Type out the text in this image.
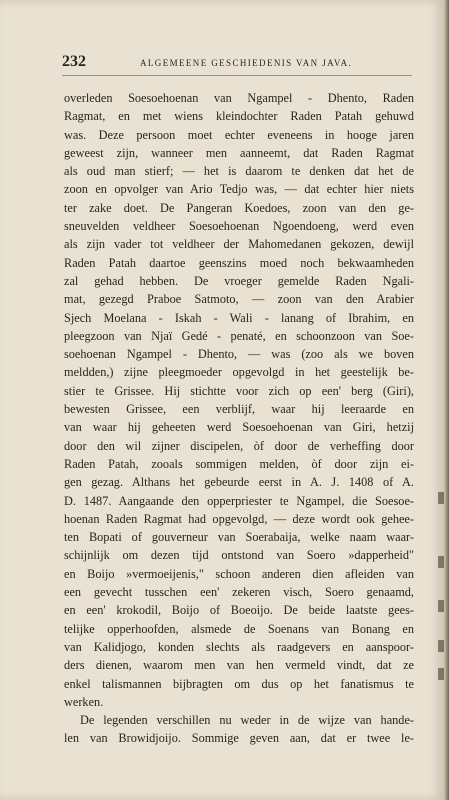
232	ALGEMEENE GESCHIEDENIS VAN JAVA.
overleden Soesoehoenan van Ngampel - Dhento, Raden
Ragmat, en met wiens kleindochter Raden Patah gehuwd
was. Deze persoon moet echter eveneens in hooge jaren
geweest zijn, wanneer men aanneemt, dat Raden Ragmat
als oud man stierf; — het is daarom te denken dat het de
zoon en opvolger van Ario Tedjo was, — dat echter hier niets
ter zake doet. De Pangeran Koedoes, zoon van den ge-
sneuvelden veldheer Soesoehoenan Ngoendoeng, werd even
als zijn vader tot veldheer der Mahomedanen gekozen, dewijl
Raden Patah daartoe geenszins moed noch bekwaamheden
zal gehad hebben. De vroeger gemelde Raden Ngali-
mat, gezegd Praboe Satmoto, — zoon van den Arabier
Sjech Moelana - Iskah - Wali - lanang of Ibrahim, en
pleegzoon van Njaï Gedé - penaté, en schoonzoon van Soe-
soehoenan Ngampel - Dhento, — was (zoo als we boven
meldden,) zijne pleegmoeder opgevolgd in het geestelijk be-
stier te Grissee. Hij stichtte voor zich op een' berg (Giri),
bewesten Grissee, een verblijf, waar hij leeraarde en
van waar hij geheeten werd Soesoehoenan van Giri, hetzij
door den wil zijner discipelen, òf door de verheffing door
Raden Patah, zooals sommigen melden, òf door zijn ei-
gen gezag. Althans het gebeurde eerst in A. J. 1408 of A.
D. 1487. Aangaande den opperpriester te Ngampel, die Soesoe-
hoenan Raden Ragmat had opgevolgd, — deze wordt ook gehee-
ten Bopati of gouverneur van Soerabaija, welke naam waar-
schijnlijk om dezen tijd ontstond van Soero »dapperheid"
en Boijo »vermoeijenis," schoon anderen dien afleiden van
een gevecht tusschen een' zekeren visch, Soero genaamd,
en een' krokodil, Boijo of Boeoijo. De beide laatste gees-
telijke opperhoofden, alsmede de Soenans van Bonang en
van Kalidjogo, konden slechts als raadgevers en aanspoor-
ders dienen, waarom men van hen vermeld vindt, dat ze
enkel talismannen bijbragten om dus op het fanatismus te
werken.
De legenden verschillen nu weder in de wijze van hande-
len van Browidjoijo. Sommige geven aan, dat er twee le-
